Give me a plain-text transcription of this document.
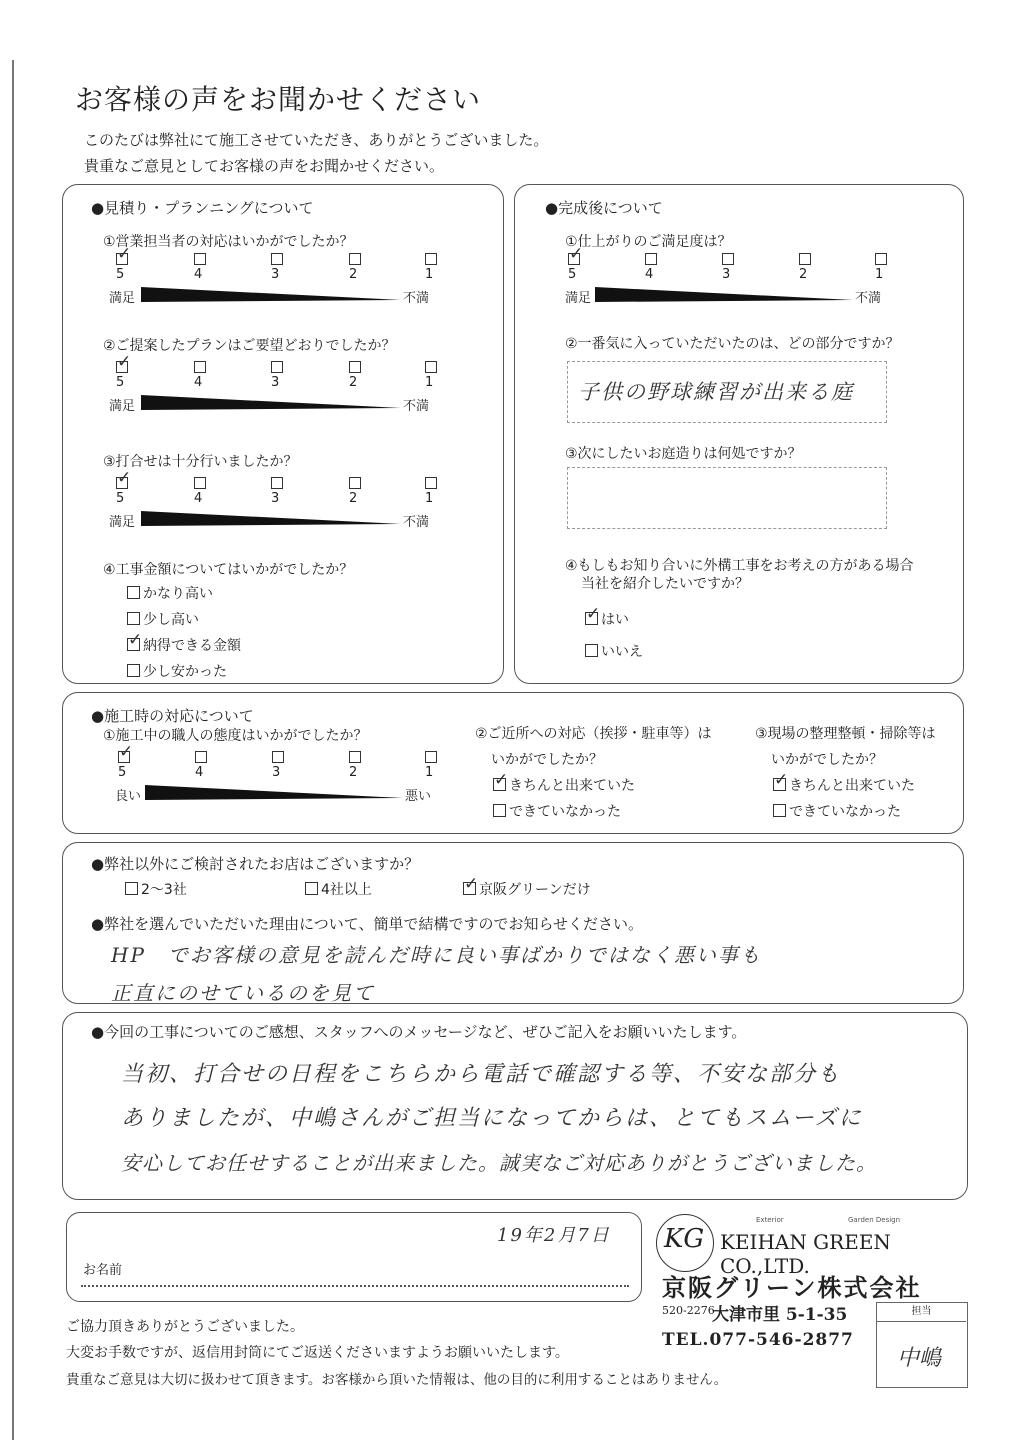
お客様の声をお聞かせください
このたびは弊社にて施工させていただき、ありがとうございました。
貴重なご意見としてお客様の声をお聞かせください。
●見積り・プランニングについて
①営業担当者の対応はいかがでしたか？
✓
5	4	3	2	1
満足	不満
②ご提案したプランはご要望どおりでしたか？
✓
5	4	3	2	1
満足	不満
③打合せは十分行いましたか？
✓
5	4	3	2	1
満足	不満
④工事金額についてはいかがでしたか？
かなり高い
少し高い
✓納得できる金額
少し安かった
●完成後について
①仕上がりのご満足度は？
✓
5	4	3	2	1
満足	不満
②一番気に入っていただいたのは、どの部分ですか？
子供の野球練習が出来る庭
③次にしたいお庭造りは何処ですか？
④もしもお知り合いに外構工事をお考えの方がある場合
当社を紹介したいですか？
✓はい
いいえ
●施工時の対応について
①施工中の職人の態度はいかがでしたか？
✓
5	4	3	2	1
良い	悪い
②ご近所への対応（挨拶・駐車等）は
いかがでしたか？
✓きちんと出来ていた
できていなかった
③現場の整理整頓・掃除等は
いかがでしたか？
✓きちんと出来ていた
できていなかった
●弊社以外にご検討されたお店はございますか？
2～3社	4社以上
✓	京阪グリーンだけ
●弊社を選んでいただいた理由について、簡単で結構ですのでお知らせください。
HP　でお客様の意見を読んだ時に良い事ばかりではなく悪い事も
正直にのせているのを見て
●今回の工事についてのご感想、スタッフへのメッセージなど、ぜひご記入をお願いいたします。
当初、打合せの日程をこちらから電話で確認する等、不安な部分も
ありましたが、中嶋さんがご担当になってからは、とてもスムーズに
安心してお任せすることが出来ました。誠実なご対応ありがとうございました。
19年2月7日
お名前
KG
Exterior	Garden Design
KEIHAN GREEN CO.,LTD.
京阪グリーン株式会社
520-2276
大津市里 5-1-35
TEL.077-546-2877
担当
中嶋
ご協力頂きありがとうございました。
大変お手数ですが、返信用封筒にてご返送くださいますようお願いいたします。
貴重なご意見は大切に扱わせて頂きます。お客様から頂いた情報は、他の目的に利用することはありません。
